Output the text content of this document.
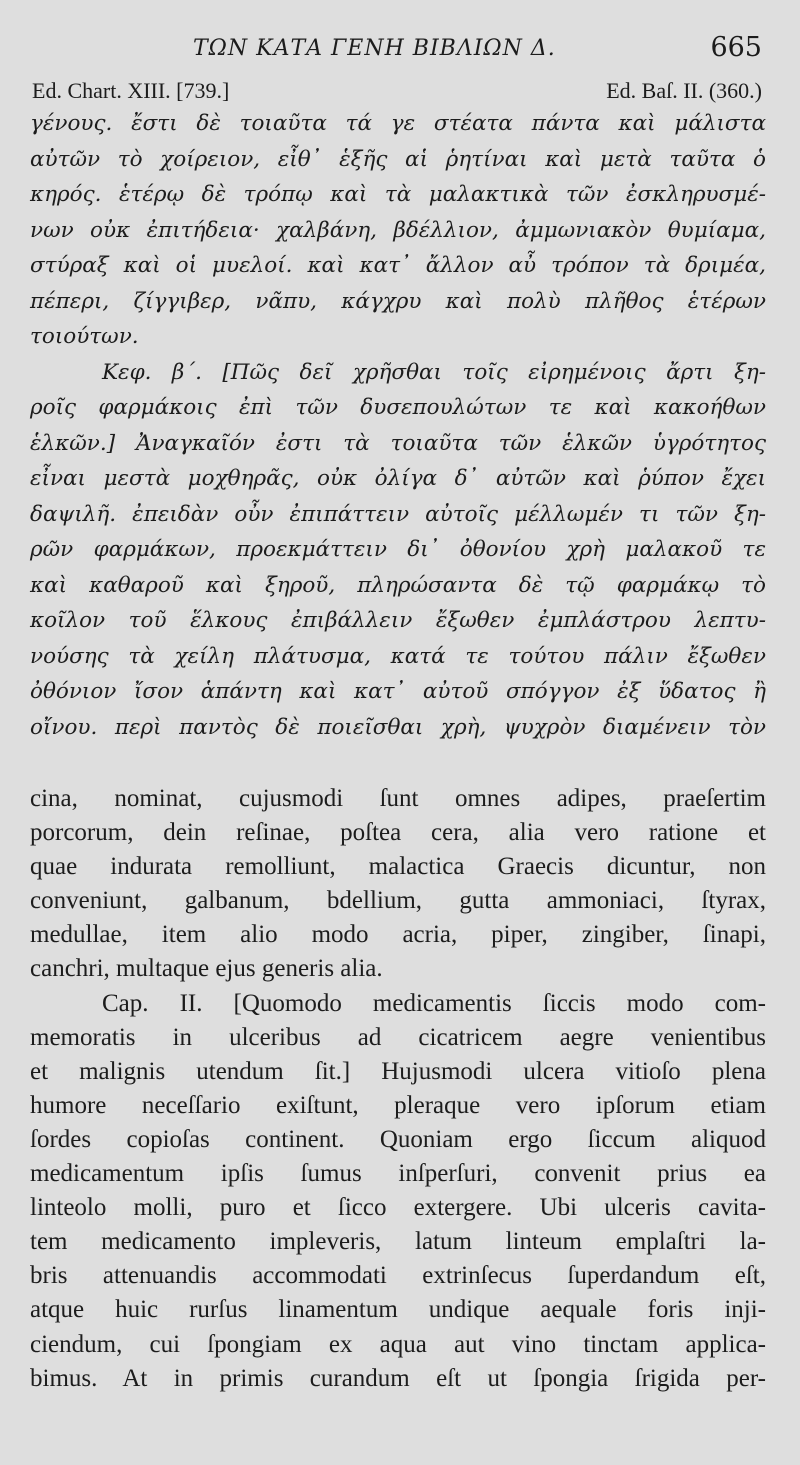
ΤΩΝ ΚΑΤΑ ΓΕΝΗ ΒΙΒΛΙΩΝ Δ.	665
Ed. Chart. XIII. [739.]	Ed. Baſ. II. (360.)
γένους. ἔστι δὲ τοιαῦτα τά γε στέατα πάντα καὶ μάλιστα
αὐτῶν τὸ χοίρειον, εἶθ᾽ ἑξῆς αἱ ῥητίναι καὶ μετὰ ταῦτα ὁ
κηρός. ἑτέρῳ δὲ τρόπῳ καὶ τὰ μαλακτικὰ τῶν ἐσκληρυσμέ-
νων οὐκ ἐπιτήδεια· χαλβάνη, βδέλλιον, ἀμμωνιακὸν θυμίαμα,
στύραξ καὶ οἱ μυελοί. καὶ κατ᾽ ἄλλον αὖ τρόπον τὰ δριμέα,
πέπερι, ζίγγιβερ, νᾶπυ, κάγχρυ καὶ πολὺ πλῆθος ἑτέρων
τοιούτων.
Κεφ. β΄. [Πῶς δεῖ χρῆσθαι τοῖς εἰρημένοις ἄρτι ξη-
ροῖς φαρμάκοις ἐπὶ τῶν δυσεπουλώτων τε καὶ κακοήθων
ἑλκῶν.] Ἀναγκαῖόν ἐστι τὰ τοιαῦτα τῶν ἑλκῶν ὑγρότητος
εἶναι μεστὰ μοχθηρᾶς, οὐκ ὀλίγα δ᾽ αὐτῶν καὶ ῥύπον ἔχει
δαψιλῆ. ἐπειδὰν οὖν ἐπιπάττειν αὐτοῖς μέλλωμέν τι τῶν ξη-
ρῶν φαρμάκων, προεκμάττειν δι᾽ ὀθονίου χρὴ μαλακοῦ τε
καὶ καθαροῦ καὶ ξηροῦ, πληρώσαντα δὲ τῷ φαρμάκῳ τὸ
κοῖλον τοῦ ἕλκους ἐπιβάλλειν ἔξωθεν ἐμπλάστρου λεπτυ-
νούσης τὰ χείλη πλάτυσμα, κατά τε τούτου πάλιν ἔξωθεν
ὀθόνιον ἴσον ἁπάντη καὶ κατ᾽ αὐτοῦ σπόγγον ἐξ ὕδατος ἢ
οἴνου. περὶ παντὸς δὲ ποιεῖσθαι χρὴ, ψυχρὸν διαμένειν τὸν
cina, nominat, cujusmodi ſunt omnes adipes, praeſertim
porcorum, dein reſinae, poſtea cera, alia vero ratione et
quae indurata remolliunt, malactica Graecis dicuntur, non
conveniunt, galbanum, bdellium, gutta ammoniaci, ſtyrax,
medullae, item alio modo acria, piper, zingiber, ſinapi,
canchri, multaque ejus generis alia.
Cap. II. [Quomodo medicamentis ſiccis modo com-
memoratis in ulceribus ad cicatricem aegre venientibus
et malignis utendum ſit.] Hujusmodi ulcera vitioſo plena
humore neceſſario exiſtunt, pleraque vero ipſorum etiam
ſordes copioſas continent. Quoniam ergo ſiccum aliquod
medicamentum ipſis ſumus inſperſuri, convenit prius ea
linteolo molli, puro et ſicco extergere. Ubi ulceris cavita-
tem medicamento impleveris, latum linteum emplaſtri la-
bris attenuandis accommodati extrinſecus ſuperdandum eſt,
atque huic rurſus linamentum undique aequale foris inji-
ciendum, cui ſpongiam ex aqua aut vino tinctam applica-
bimus. At in primis curandum eſt ut ſpongia ſrigida per-
